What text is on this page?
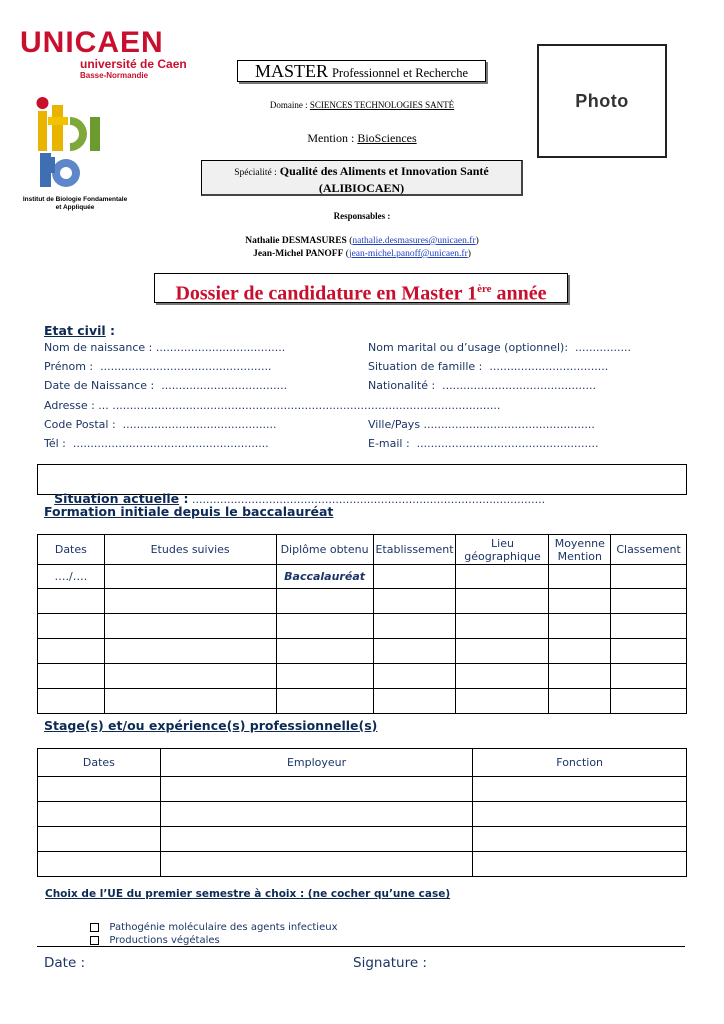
UNICAEN
université de Caen
Basse-Normandie
Institut de Biologie Fondamentale et Appliquée
Photo
MASTER Professionnel et Recherche
Domaine : SCIENCES TECHNOLOGIES SANTÉ
Mention : BioSciences
Spécialité : Qualité des Aliments et Innovation Santé
(ALIBIOCAEN)
Responsables :
Nathalie DESMASURES (nathalie.desmasures@unicaen.fr)
Jean-Michel PANOFF (jean-michel.panoff@unicaen.fr)
Dossier de candidature en Master 1ère année
Etat civil :
Nom de naissance : .....................................	Nom marital ou d’usage (optionnel):  ................
Prénom :  .................................................	Situation de famille :  ..................................
Date de Naissance :  ....................................	Nationalité :  ............................................
Adresse : ... ...............................................................................................................
Code Postal :  ............................................	Ville/Pays .................................................
Tél :  ........................................................	E-mail :  ....................................................

Situation actuelle : .....................................................................................................

Formation initiale depuis le baccalauréat
Dates	Etudes suivies	Diplôme obtenu	Etablissement	Lieu géographique	Moyenne Mention	Classement
…./….		Baccalauréat				

Stage(s) et/ou expérience(s) professionnelle(s)
Dates	Employeur	Fonction

Choix de l’UE du premier semestre à choix : (ne cocher qu’une case)

Pathogénie moléculaire des agents infectieux

Productions végétales

Date :	Signature :
